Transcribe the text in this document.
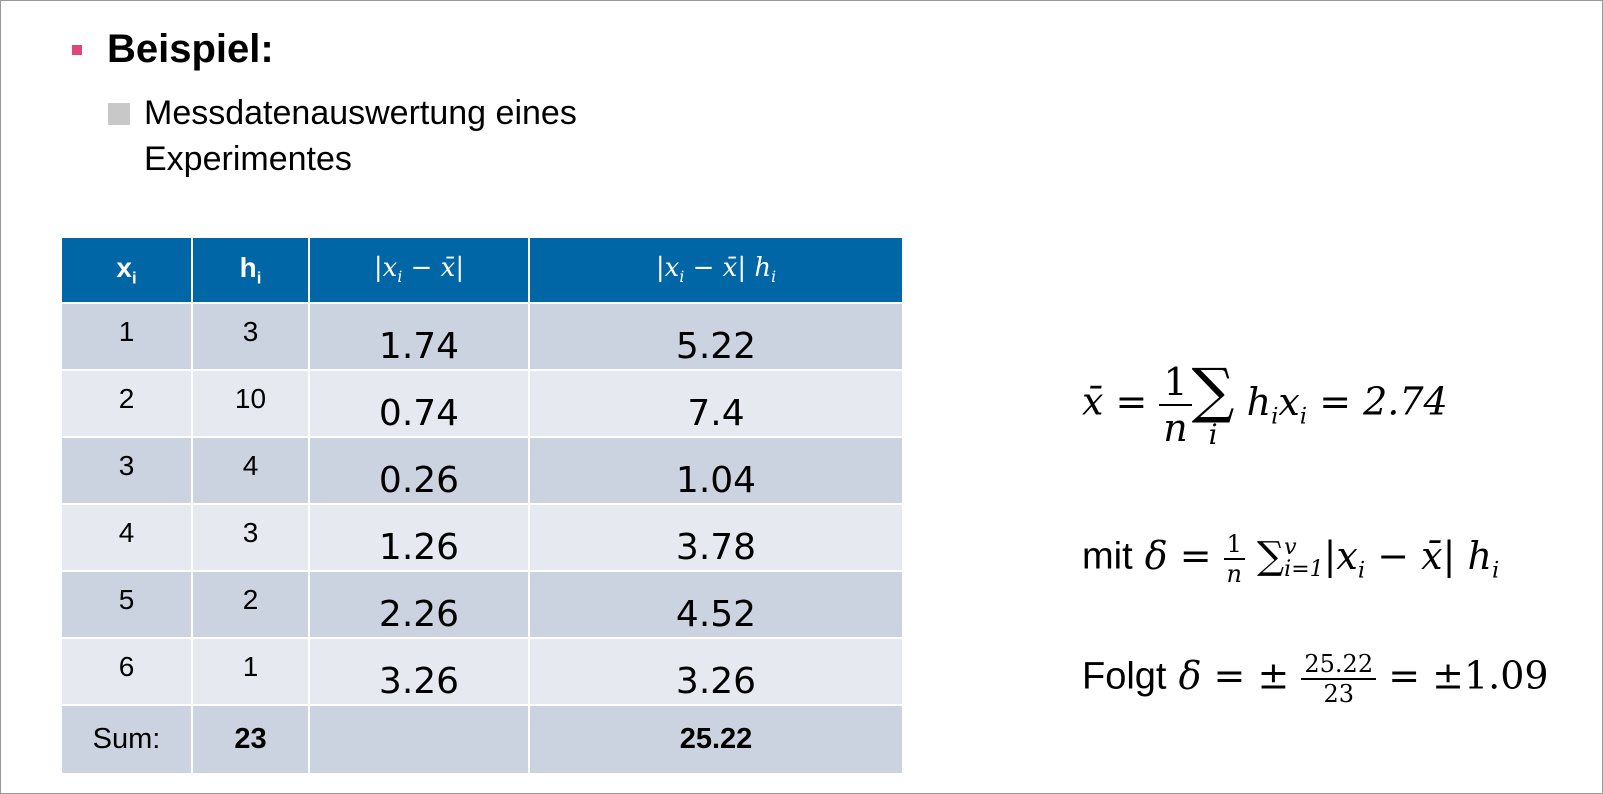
Beispiel:
Messdatenauswertung eines
Experimentes
$x_i$	$h_i$	$|x_i$ − x̄|	$|x_i$ − x̄| $h_i$
1	3	1.74	5.22
2	10	0.74	7.4
3	4	0.26	1.04
4	3	1.26	3.78
5	2	2.26	4.52
6	1	3.26	3.26
Sum:	23		25.22
x̄ = $\frac{1}{n}$ ∑
i
$h_ix_i = 2.74$
mit $\delta = \frac{1}{n}$ ∑ v
i=1 $|x_i$ − x̄| $h_i$
Folgt δ = ± $\frac{25.22}{23} = \pm 1.09$
